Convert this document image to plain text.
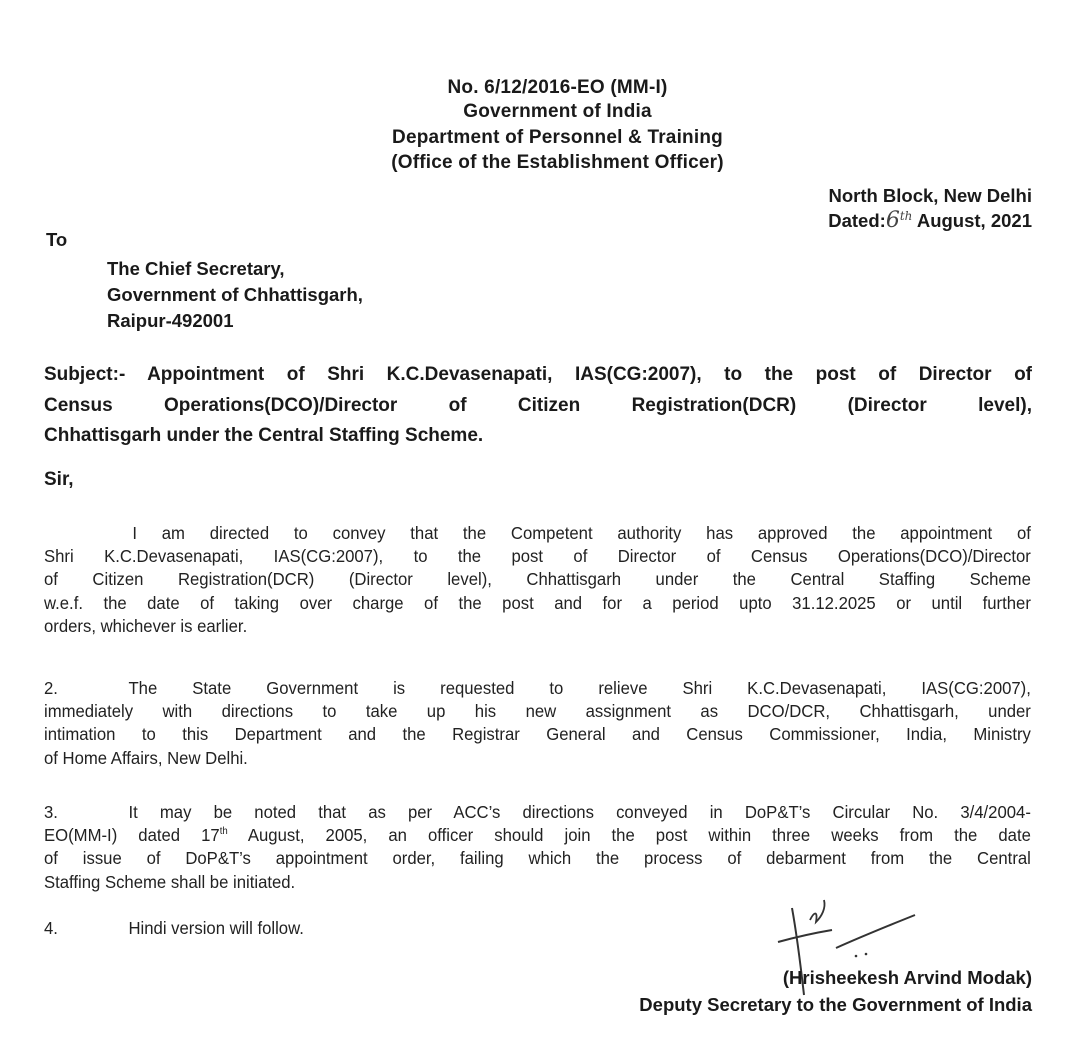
No. 6/12/2016-EO (MM-I)
Government of India
Department of Personnel & Training
(Office of the Establishment Officer)
North Block, New Delhi
Dated:6th August, 2021
To
The Chief Secretary,
Government of Chhattisgarh,
Raipur-492001
Subject:- Appointment of Shri K.C.Devasenapati, IAS(CG:2007), to the post of Director of
Census Operations(DCO)/Director of Citizen Registration(DCR) (Director level),
Chhattisgarh under the Central Staffing Scheme.
Sir,
I am directed to convey that the Competent authority has approved the appointment of
Shri K.C.Devasenapati, IAS(CG:2007), to the post of Director of Census Operations(DCO)/Director
of Citizen Registration(DCR) (Director level), Chhattisgarh under the Central Staffing Scheme
w.e.f. the date of taking over charge of the post and for a period upto 31.12.2025 or until further
orders, whichever is earlier.
2.	The State Government is requested to relieve Shri K.C.Devasenapati, IAS(CG:2007),
immediately with directions to take up his new assignment as DCO/DCR, Chhattisgarh, under
intimation to this Department and the Registrar General and Census Commissioner, India, Ministry
of Home Affairs, New Delhi.
3.	It may be noted that as per ACC’s directions conveyed in DoP&T’s Circular No. 3/4/2004-
EO(MM-I) dated 17th August, 2005, an officer should join the post within three weeks from the date
of issue of DoP&T’s appointment order, failing which the process of debarment from the Central
Staffing Scheme shall be initiated.
4.	Hindi version will follow.
(Hrisheekesh Arvind Modak)
Deputy Secretary to the Government of India
